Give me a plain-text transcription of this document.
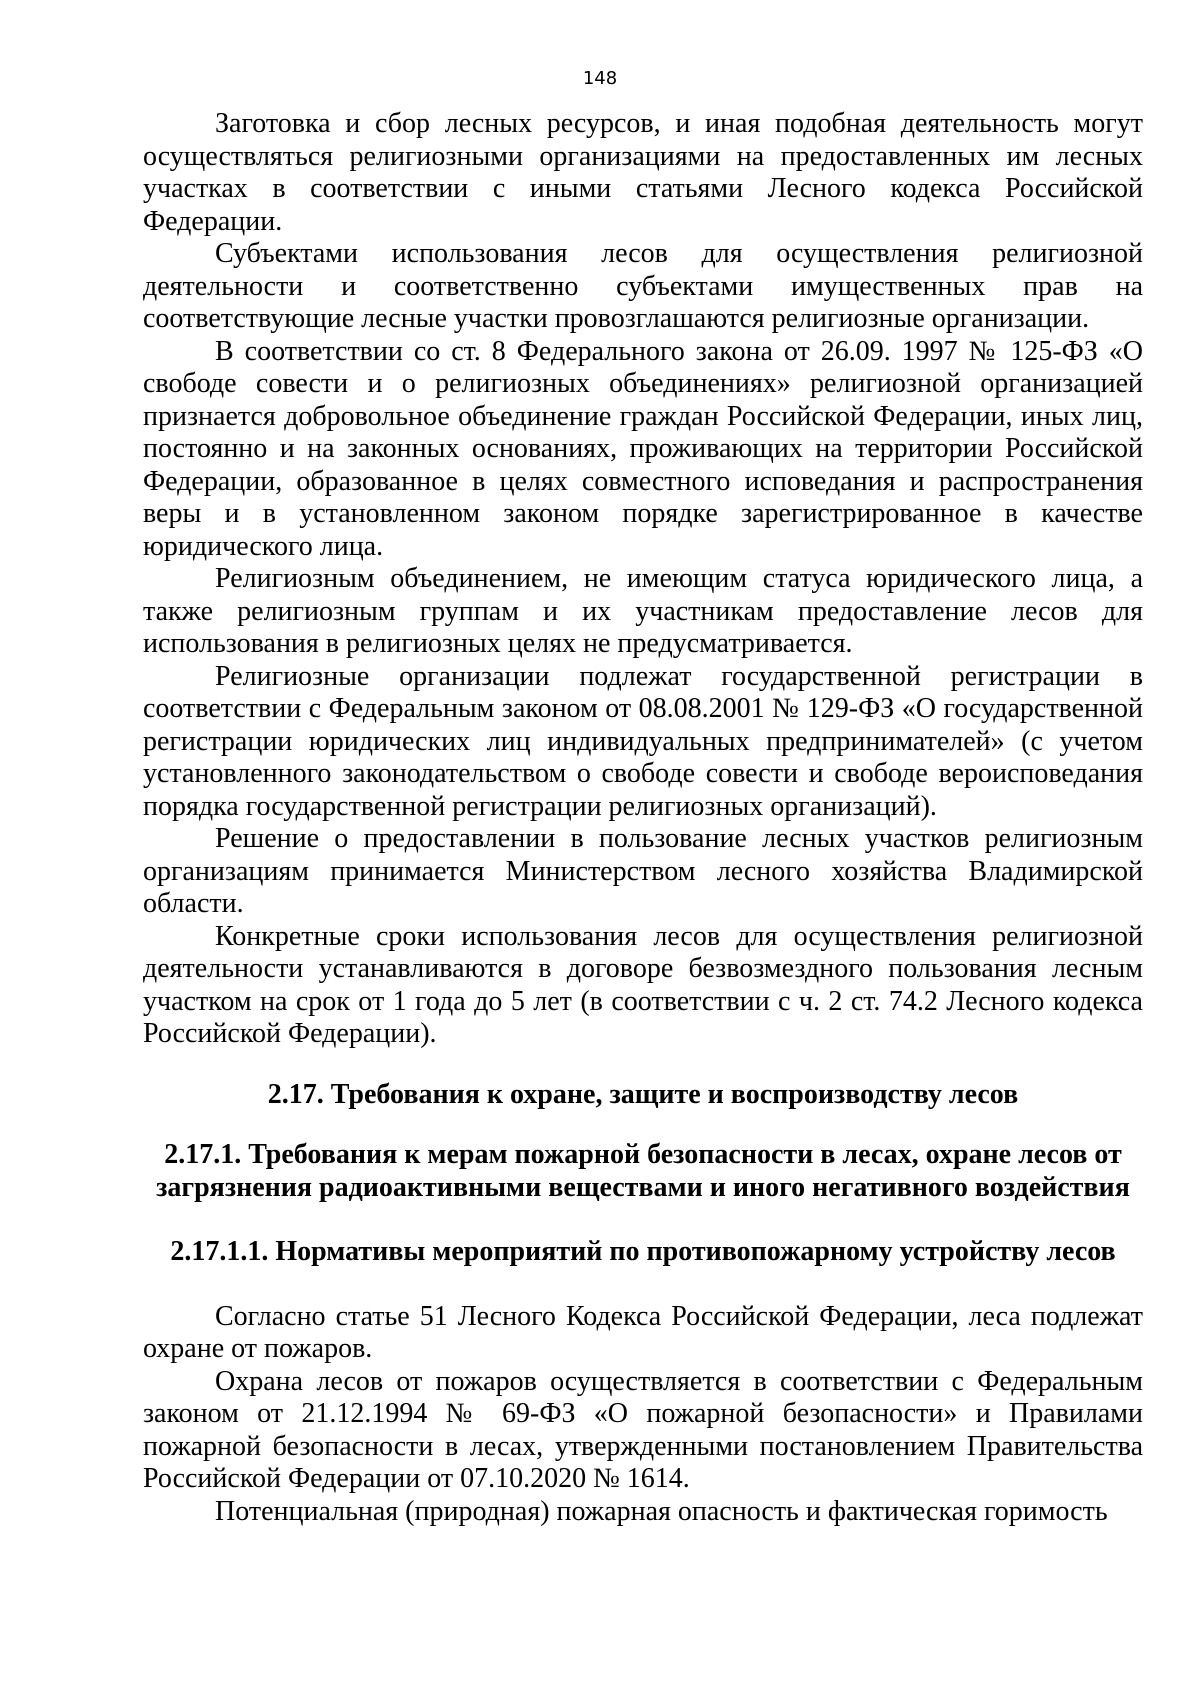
148

Заготовка и сбор лесных ресурсов, и иная подобная деятельность могут осуществляться религиозными организациями на предоставленных им лесных участках в соответствии с иными статьями Лесного кодекса Российской Федерации.

Субъектами использования лесов для осуществления религиозной деятельности и соответственно субъектами имущественных прав на соответствующие лесные участки провозглашаются религиозные организации.

В соответствии со ст. 8 Федерального закона от 26.09. 1997 № 125-ФЗ «О свободе совести и о религиозных объединениях» религиозной организацией признается добровольное объединение граждан Российской Федерации, иных лиц, постоянно и на законных основаниях, проживающих на территории Российской Федерации, образованное в целях совместного исповедания и распространения веры и в установленном законом порядке зарегистрированное в качестве юридического лица.

Религиозным объединением, не имеющим статуса юридического лица, а также религиозным группам и их участникам предоставление лесов для использования в религиозных целях не предусматривается.

Религиозные организации подлежат государственной регистрации в соответствии с Федеральным законом от 08.08.2001 № 129-ФЗ «О государственной регистрации юридических лиц индивидуальных предпринимателей» (с учетом установленного законодательством о свободе совести и свободе вероисповедания порядка государственной регистрации религиозных организаций).

Решение о предоставлении в пользование лесных участков религиозным организациям принимается Министерством лесного хозяйства Владимирской области.

Конкретные сроки использования лесов для осуществления религиозной деятельности устанавливаются в договоре безвозмездного пользования лесным участком на срок от 1 года до 5 лет (в соответствии с ч. 2 ст. 74.2 Лесного кодекса Российской Федерации).

2.17. Требования к охране, защите и воспроизводству лесов

2.17.1. Требования к мерам пожарной безопасности в лесах, охране лесов от загрязнения радиоактивными веществами и иного негативного воздействия

2.17.1.1. Нормативы мероприятий по противопожарному устройству лесов

Согласно статье 51 Лесного Кодекса Российской Федерации, леса подлежат охране от пожаров.

Охрана лесов от пожаров осуществляется в соответствии с Федеральным законом от 21.12.1994 № 69-ФЗ «О пожарной безопасности» и Правилами пожарной безопасности в лесах, утвержденными постановлением Правительства Российской Федерации от 07.10.2020 № 1614.

Потенциальная (природная) пожарная опасность и фактическая горимость
